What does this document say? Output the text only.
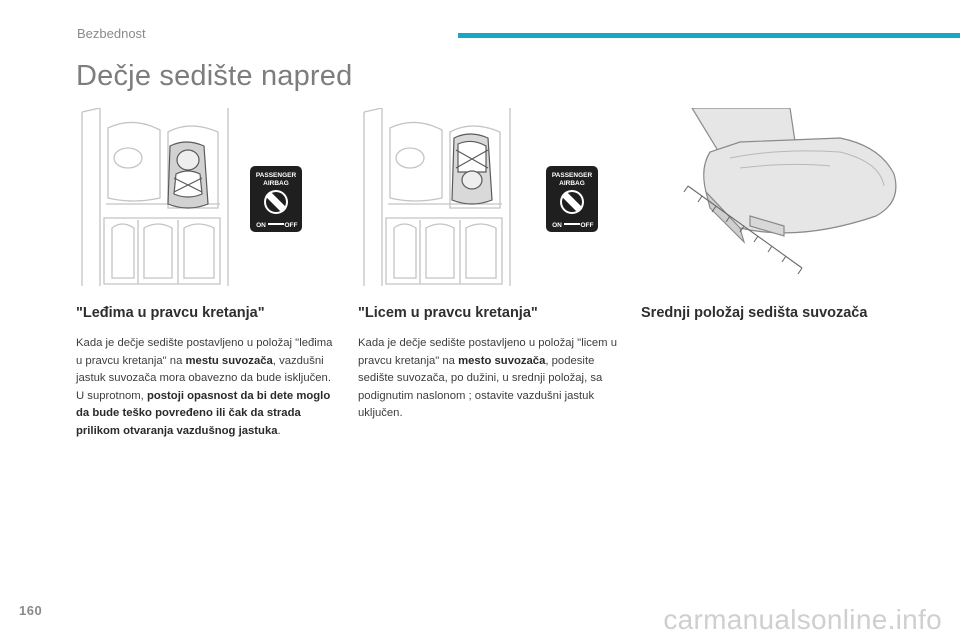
Bezbednost
Dečje sedište napred
PASSENGER
AIRBAG
ON	OFF
PASSENGER
AIRBAG
ON	OFF
"Leđima u pravcu kretanja"

Kada je dečje sedište postavljeno u položaj "leđima u pravcu kretanja" na mestu suvozača, vazdušni jastuk suvozača mora obavezno da bude isključen. U suprotnom, postoji opasnost da bi dete moglo da bude teško povređeno ili čak da strada prilikom otvaranja vazdušnog jastuka.

"Licem u pravcu kretanja"

Kada je dečje sedište postavljeno u položaj "licem u pravcu kretanja" na mesto suvozača, podesite sedište suvozača, po dužini, u srednji položaj, sa podignutim naslonom ; ostavite vazdušni jastuk uključen.

Srednji položaj sedišta suvozača
160	carmanualsonline.info
